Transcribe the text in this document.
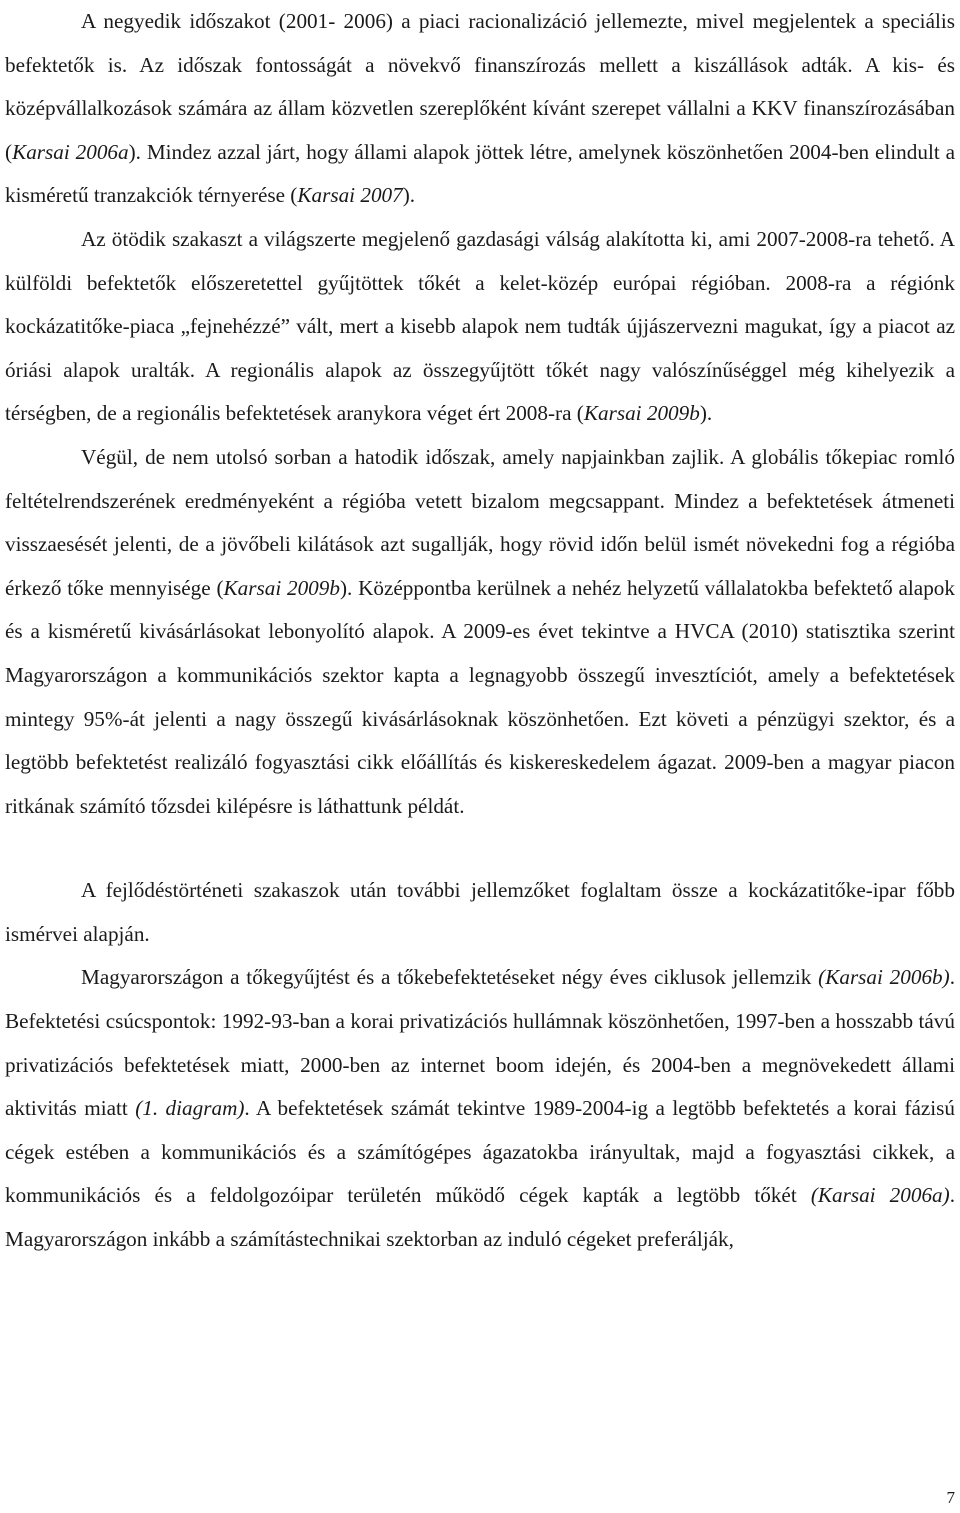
A negyedik időszakot (2001- 2006) a piaci racionalizáció jellemezte, mivel megjelentek a speciális befektetők is. Az időszak fontosságát a növekvő finanszírozás mellett a kiszállások adták. A kis- és középvállalkozások számára az állam közvetlen szereplőként kívánt szerepet vállalni a KKV finanszírozásában (Karsai 2006a). Mindez azzal járt, hogy állami alapok jöttek létre, amelynek köszönhetően 2004-ben elindult a kisméretű tranzakciók térnyerése (Karsai 2007).

Az ötödik szakaszt a világszerte megjelenő gazdasági válság alakította ki, ami 2007-2008-ra tehető. A külföldi befektetők előszeretettel gyűjtöttek tőkét a kelet-közép európai régióban. 2008-ra a régiónk kockázatitőke-piaca „fejnehézzé” vált, mert a kisebb alapok nem tudták újjászervezni magukat, így a piacot az óriási alapok uralták. A regionális alapok az összegyűjtött tőkét nagy valószínűséggel még kihelyezik a térségben, de a regionális befektetések aranykora véget ért 2008-ra (Karsai 2009b).

Végül, de nem utolsó sorban a hatodik időszak, amely napjainkban zajlik. A globális tőkepiac romló feltételrendszerének eredményeként a régióba vetett bizalom megcsappant. Mindez a befektetések átmeneti visszaesését jelenti, de a jövőbeli kilátások azt sugallják, hogy rövid időn belül ismét növekedni fog a régióba érkező tőke mennyisége (Karsai 2009b). Középpontba kerülnek a nehéz helyzetű vállalatokba befektető alapok és a kisméretű kivásárlásokat lebonyolító alapok. A 2009-es évet tekintve a HVCA (2010) statisztika szerint Magyarországon a kommunikációs szektor kapta a legnagyobb összegű invesztíciót, amely a befektetések mintegy 95%-át jelenti a nagy összegű kivásárlásoknak köszönhetően. Ezt követi a pénzügyi szektor, és a legtöbb befektetést realizáló fogyasztási cikk előállítás és kiskereskedelem ágazat. 2009-ben a magyar piacon ritkának számító tőzsdei kilépésre is láthattunk példát.

A fejlődéstörténeti szakaszok után további jellemzőket foglaltam össze a kockázatitőke-ipar főbb ismérvei alapján.

Magyarországon a tőkegyűjtést és a tőkebefektetéseket négy éves ciklusok jellemzik (Karsai 2006b). Befektetési csúcspontok: 1992-93-ban a korai privatizációs hullámnak köszönhetően, 1997-ben a hosszabb távú privatizációs befektetések miatt, 2000-ben az internet boom idején, és 2004-ben a megnövekedett állami aktivitás miatt (1. diagram). A befektetések számát tekintve 1989-2004-ig a legtöbb befektetés a korai fázisú cégek estében a kommunikációs és a számítógépes ágazatokba irányultak, majd a fogyasztási cikkek, a kommunikációs és a feldolgozóipar területén működő cégek kapták a legtöbb tőkét (Karsai 2006a). Magyarországon inkább a számítástechnikai szektorban az induló cégeket preferálják,

7
